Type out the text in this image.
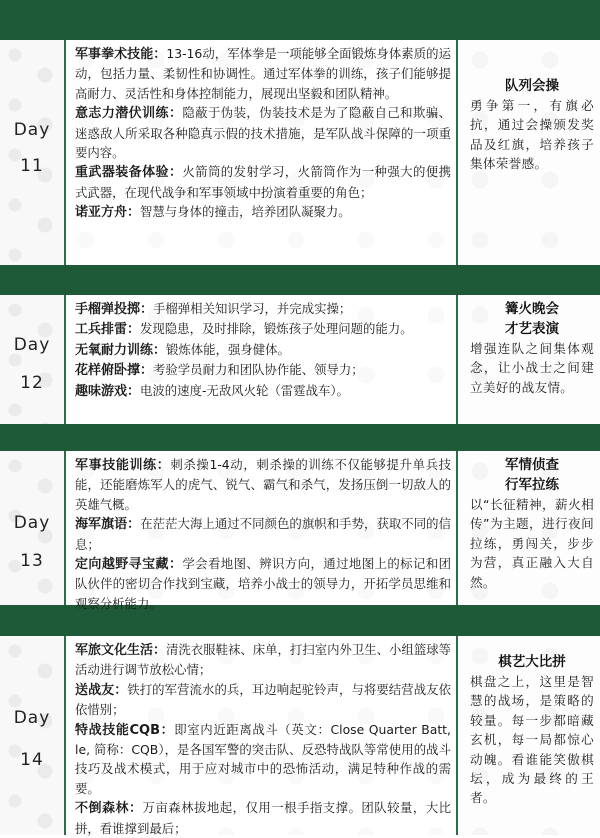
Day
11
军事拳术技能：13-16动，军体拳是一项能够全面锻炼身体素质的运动，包括力量、柔韧性和协调性。通过军体拳的训练，孩子们能够提高耐力、灵活性和身体控制能力，展现出坚毅和团队精神。
意志力潜伏训练：隐蔽于伪装，伪装技术是为了隐蔽自己和欺骗、迷惑敌人所采取各种隐真示假的技术措施，是军队战斗保障的一项重要内容。
重武器装备体验：火箭筒的发射学习，火箭筒作为一种强大的便携式武器，在现代战争和军事领域中扮演着重要的角色；
诺亚方舟：智慧与身体的撞击，培养团队凝聚力。
队列会操
勇争第一，有旗必抗，通过会操颁发奖品及红旗，培养孩子集体荣誉感。
Day
12
手榴弹投掷：手榴弹相关知识学习，并完成实操；
工兵排雷：发现隐患，及时排除，锻炼孩子处理问题的能力。
无氧耐力训练：锻炼体能，强身健体。
花样俯卧撑：考验学员耐力和团队协作能、领导力；
趣味游戏：电波的速度-无敌风火轮（雷霆战车）。
篝火晚会
才艺表演
增强连队之间集体观念，让小战士之间建立美好的战友情。
Day
13
军事技能训练：刺杀操1-4动，刺杀操的训练不仅能够提升单兵技能，还能磨炼军人的虎气、锐气、霸气和杀气，发扬压倒一切敌人的英雄气概。
海军旗语：在茫茫大海上通过不同颜色的旗帜和手势，获取不同的信息；
定向越野寻宝藏：学会看地图、辨识方向，通过地图上的标记和团队伙伴的密切合作找到宝藏，培养小战士的领导力，开拓学员思维和观察分析能力。
军情侦查
行军拉练
以“长征精神，薪火相传”为主题，进行夜间拉练，勇闯关，步步为营，真正融入大自然。
Day
14
军旅文化生活：清洗衣服鞋袜、床单，打扫室内外卫生、小组篮球等活动进行调节放松心情；
送战友：铁打的军营流水的兵，耳边响起驼铃声，与将要结营战友依依惜别；
特战技能CQB：即室内近距离战斗（英文：Close Quarter Batt, le, 简称：CQB），是各国军警的突击队、反恐特战队等常使用的战斗技巧及战术模式，用于应对城市中的恐怖活动，满足特种作战的需要。
不倒森林：万亩森林拔地起，仅用一根手指支撑。团队较量，大比拼，看谁撑到最后；
棋艺大比拼
棋盘之上，这里是智慧的战场，是策略的较量。每一步都暗藏玄机，每一局都惊心动魄。看谁能笑傲棋坛，成为最终的王者。
